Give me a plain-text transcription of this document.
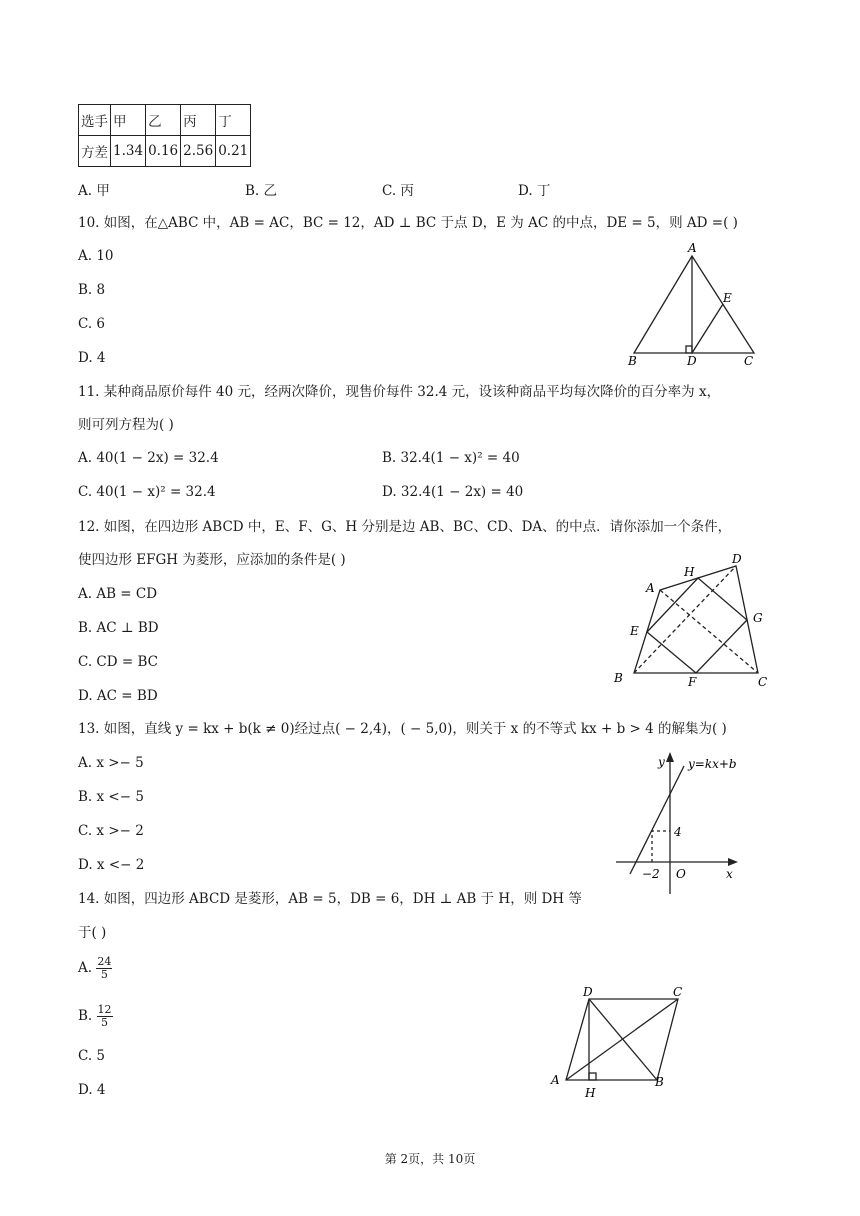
选手	甲	乙	丙	丁
方差	1.34	0.16	2.56	0.21
A. 甲	B. 乙	C. 丙	D. 丁
10. 如图，在△ABC 中，AB = AC，BC = 12，AD ⊥ BC 于点 D，E 为 AC 的中点，DE = 5，则 AD =( )
A. 10
B. 8
C. 6
D. 4
A
B	C
D
E
11. 某种商品原价每件 40 元，经两次降价，现售价每件 32.4 元，设该种商品平均每次降价的百分率为 x，
则可列方程为( )
A. 40(1 − 2x) = 32.4	B. 32.4(1 − x)² = 40
C. 40(1 − x)² = 32.4	D. 32.4(1 − 2x) = 40
12. 如图，在四边形 ABCD 中，E、F、G、H 分别是边 AB、BC、CD、DA、的中点．请你添加一个条件，
使四边形 EFGH 为菱形，应添加的条件是( )
A. AB = CD
B. AC ⊥ BD
C. CD = BC
D. AC = BD
A
B	C
D
E
F
G
H
13. 如图，直线 y = kx + b(k ≠ 0)经过点( − 2,4)，( − 5,0)，则关于 x 的不等式 kx + b > 4 的解集为( )
A. x >− 5
B. x <− 5
C. x >− 2
D. x <− 2
y
x
O
−2
4
y=kx+b
14. 如图，四边形 ABCD 是菱形，AB = 5，DB = 6，DH ⊥ AB 于 H，则 DH 等
于( )
A. $\frac{24}{5}$
B. $\frac{12}{5}$
C. 5
D. 4
A	B
C
D
H
第 2页，共 10页
